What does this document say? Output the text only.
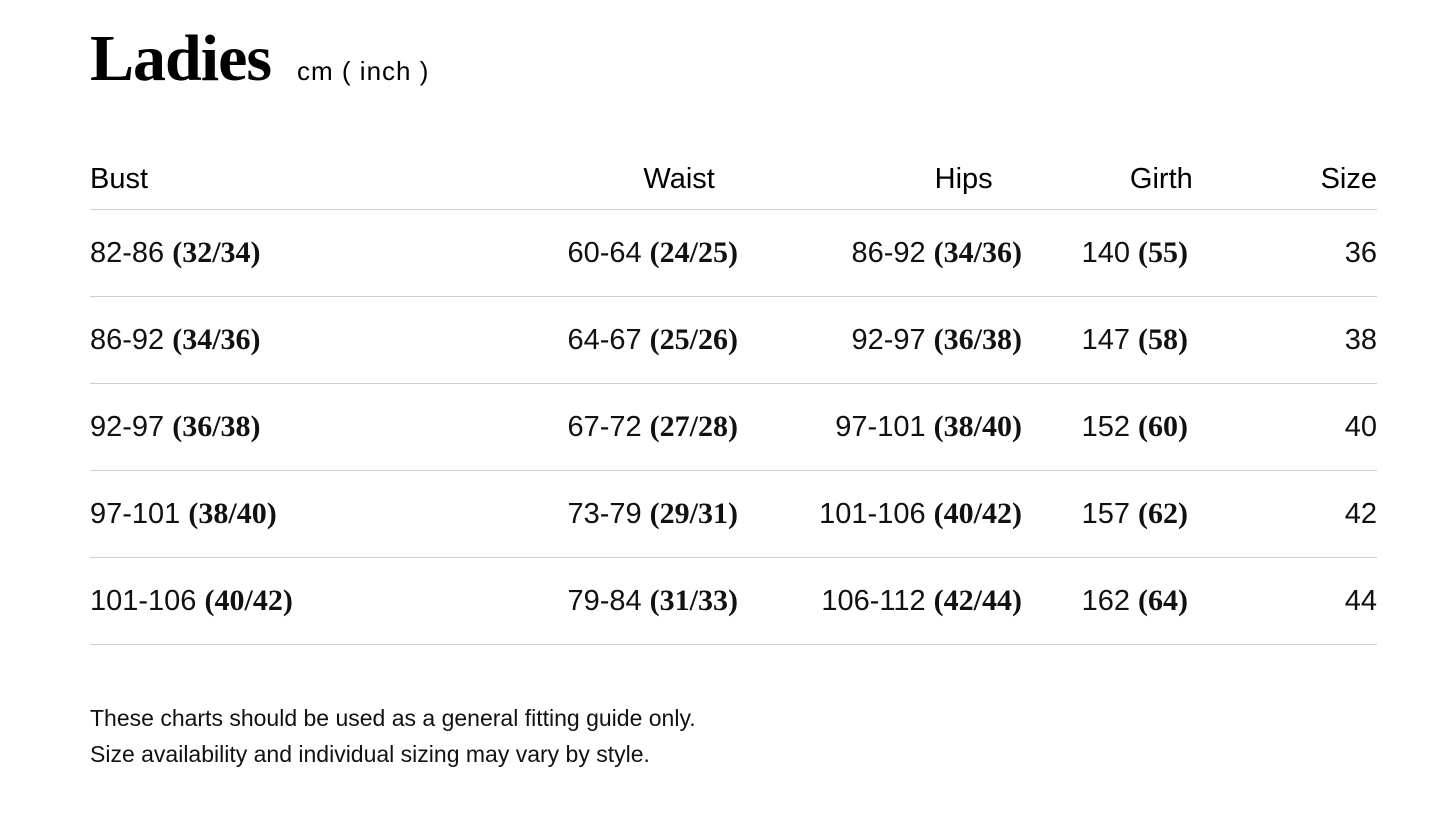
Ladies cm ( inch )
Bust	Waist	Hips	Girth	Size
82-86 (32/34)	60-64 (24/25)	86-92 (34/36)	140 (55)	36
86-92 (34/36)	64-67 (25/26)	92-97 (36/38)	147 (58)	38
92-97 (36/38)	67-72 (27/28)	97-101 (38/40)	152 (60)	40
97-101 (38/40)	73-79 (29/31)	101-106 (40/42)	157 (62)	42
101-106 (40/42)	79-84 (31/33)	106-112 (42/44)	162 (64)	44
These charts should be used as a general fitting guide only.
Size availability and individual sizing may vary by style.
